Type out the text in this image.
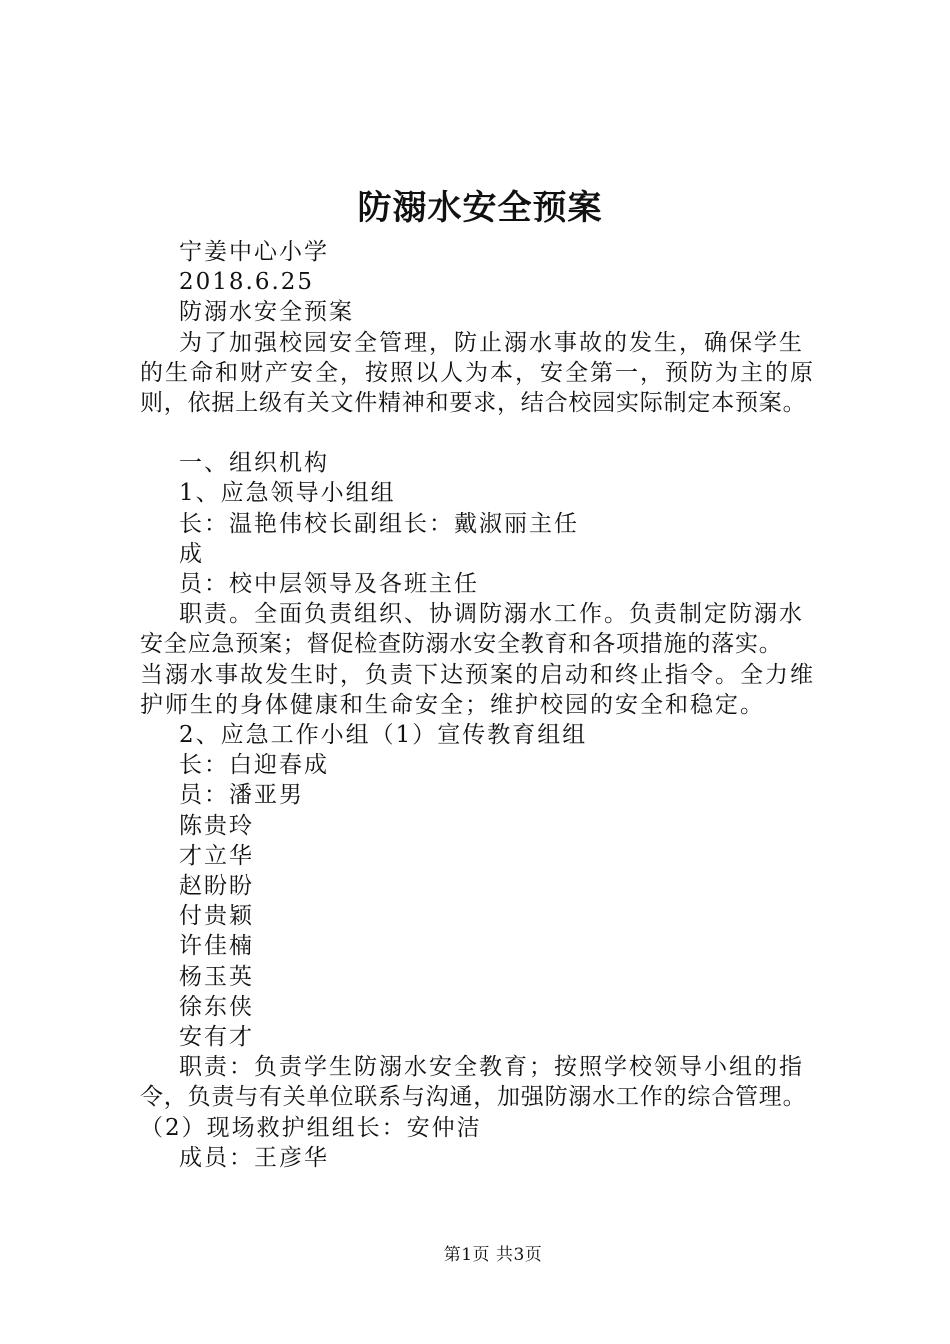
防溺水安全预案

宁姜中心小学

2018.6.25

防溺水安全预案

为了加强校园安全管理，防止溺水事故的发生，确保学生

的生命和财产安全，按照以人为本，安全第一，预防为主的原

则，依据上级有关文件精神和要求，结合校园实际制定本预案。

一、组织机构

1、应急领导小组组

长：温艳伟校长副组长：戴淑丽主任

成

员：校中层领导及各班主任

职责。全面负责组织、协调防溺水工作。负责制定防溺水

安全应急预案；督促检查防溺水安全教育和各项措施的落实。

当溺水事故发生时，负责下达预案的启动和终止指令。全力维

护师生的身体健康和生命安全；维护校园的安全和稳定。

2、应急工作小组（1）宣传教育组组

长：白迎春成

员：潘亚男

陈贵玲

才立华

赵盼盼

付贵颖

许佳楠

杨玉英

徐东侠

安有才

职责：负责学生防溺水安全教育；按照学校领导小组的指

令，负责与有关单位联系与沟通，加强防溺水工作的综合管理。

（2）现场救护组组长：安仲洁

成员：王彦华

第1页 共3页
